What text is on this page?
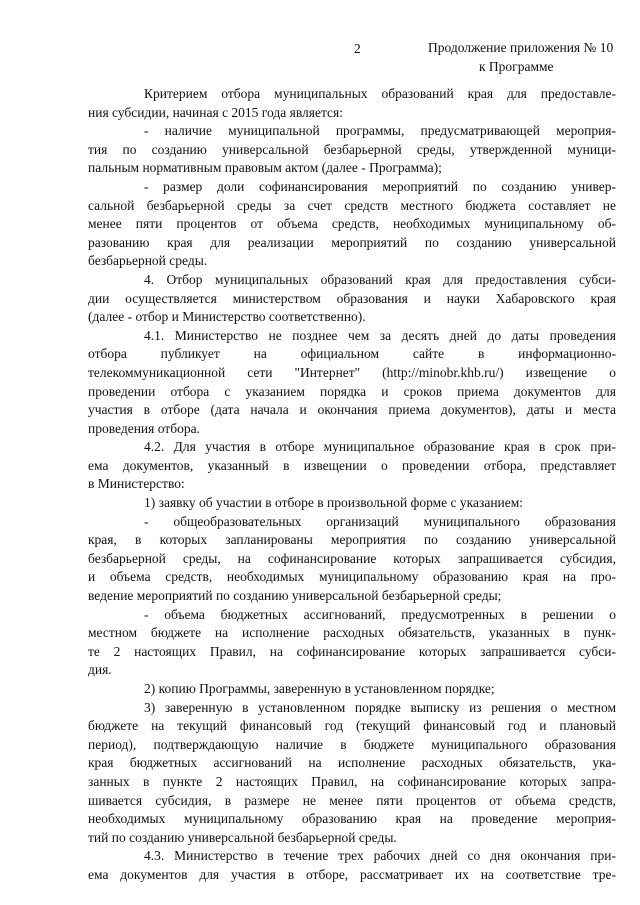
2	Продолжение приложения № 10
к Программе

Критерием отбора муниципальных образований края для предоставле-
ния субсидии, начиная с 2015 года является:

- наличие муниципальной программы, предусматривающей мероприя-
тия по созданию универсальной безбарьерной среды, утвержденной муници-
пальным нормативным правовым актом (далее - Программа);

- размер доли софинансирования мероприятий по созданию универ-
сальной безбарьерной среды за счет средств местного бюджета составляет не
менее пяти процентов от объема средств, необходимых муниципальному об-
разованию края для реализации мероприятий по созданию универсальной
безбарьерной среды.

4. Отбор муниципальных образований края для предоставления субси-
дии осуществляется министерством образования и науки Хабаровского края
(далее - отбор и Министерство соответственно).

4.1. Министерство не позднее чем за десять дней до даты проведения
отбора публикует на официальном сайте в информационно-
телекоммуникационной сети "Интернет" (http://minobr.khb.ru/) извещение о
проведении отбора с указанием порядка и сроков приема документов для
участия в отборе (дата начала и окончания приема документов), даты и места
проведения отбора.

4.2. Для участия в отборе муниципальное образование края в срок при-
ема документов, указанный в извещении о проведении отбора, представляет
в Министерство:

1) заявку об участии в отборе в произвольной форме с указанием:

- общеобразовательных организаций муниципального образования
края, в которых запланированы мероприятия по созданию универсальной
безбарьерной среды, на софинансирование которых запрашивается субсидия,
и объема средств, необходимых муниципальному образованию края на про-
ведение мероприятий по созданию универсальной безбарьерной среды;

- объема бюджетных ассигнований, предусмотренных в решении о
местном бюджете на исполнение расходных обязательств, указанных в пунк-
те 2 настоящих Правил, на софинансирование которых запрашивается субси-
дия.

2) копию Программы, заверенную в установленном порядке;

3) заверенную в установленном порядке выписку из решения о местном
бюджете на текущий финансовый год (текущий финансовый год и плановый
период), подтверждающую наличие в бюджете муниципального образования
края бюджетных ассигнований на исполнение расходных обязательств, ука-
занных в пункте 2 настоящих Правил, на софинансирование которых запра-
шивается субсидия, в размере не менее пяти процентов от объема средств,
необходимых муниципальному образованию края на проведение мероприя-
тий по созданию универсальной безбарьерной среды.

4.3. Министерство в течение трех рабочих дней со дня окончания при-
ема документов для участия в отборе, рассматривает их на соответствие тре-
